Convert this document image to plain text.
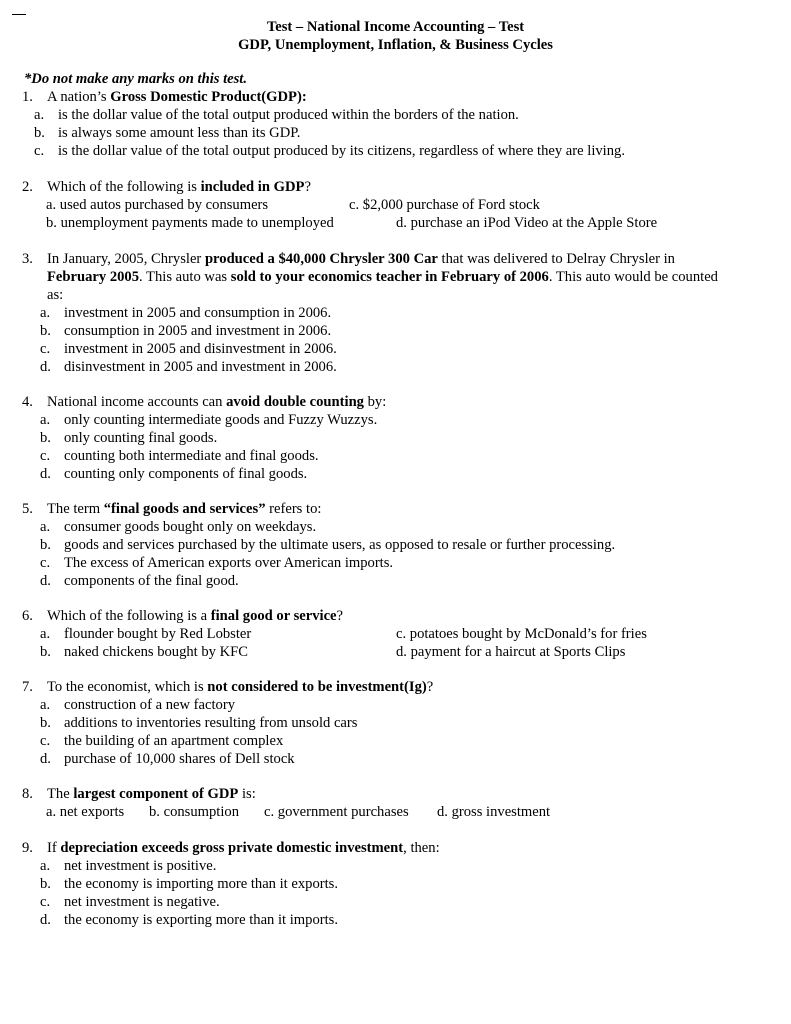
Test – National Income Accounting – Test
GDP, Unemployment, Inflation, & Business Cycles
*Do not make any marks on this test.
1. A nation’s Gross Domestic Product(GDP):
a. is the dollar value of the total output produced within the borders of the nation.
b. is always some amount less than its GDP.
c. is the dollar value of the total output produced by its citizens, regardless of where they are living.
2. Which of the following is included in GDP?
a. used autos purchased by consumers	c. $2,000 purchase of Ford stock
b. unemployment payments made to unemployed	d. purchase an iPod Video at the Apple Store
3. In January, 2005, Chrysler produced a $40,000 Chrysler 300 Car that was delivered to Delray Chrysler in
February 2005. This auto was sold to your economics teacher in February of 2006. This auto would be counted
as:
a. investment in 2005 and consumption in 2006.
b. consumption in 2005 and investment in 2006.
c. investment in 2005 and disinvestment in 2006.
d. disinvestment in 2005 and investment in 2006.
4. National income accounts can avoid double counting by:
a. only counting intermediate goods and Fuzzy Wuzzys.
b. only counting final goods.
c. counting both intermediate and final goods.
d. counting only components of final goods.
5. The term “final goods and services” refers to:
a. consumer goods bought only on weekdays.
b. goods and services purchased by the ultimate users, as opposed to resale or further processing.
c. The excess of American exports over American imports.
d. components of the final good.
6. Which of the following is a final good or service?
a. flounder bought by Red Lobster	c. potatoes bought by McDonald’s for fries
b. naked chickens bought by KFC	d. payment for a haircut at Sports Clips
7. To the economist, which is not considered to be investment(Ig)?
a. construction of a new factory
b. additions to inventories resulting from unsold cars
c. the building of an apartment complex
d. purchase of 10,000 shares of Dell stock
8. The largest component of GDP is:
a. net exports b. consumption c. government purchases d. gross investment
9. If depreciation exceeds gross private domestic investment, then:
a. net investment is positive.
b. the economy is importing more than it exports.
c. net investment is negative.
d. the economy is exporting more than it imports.
